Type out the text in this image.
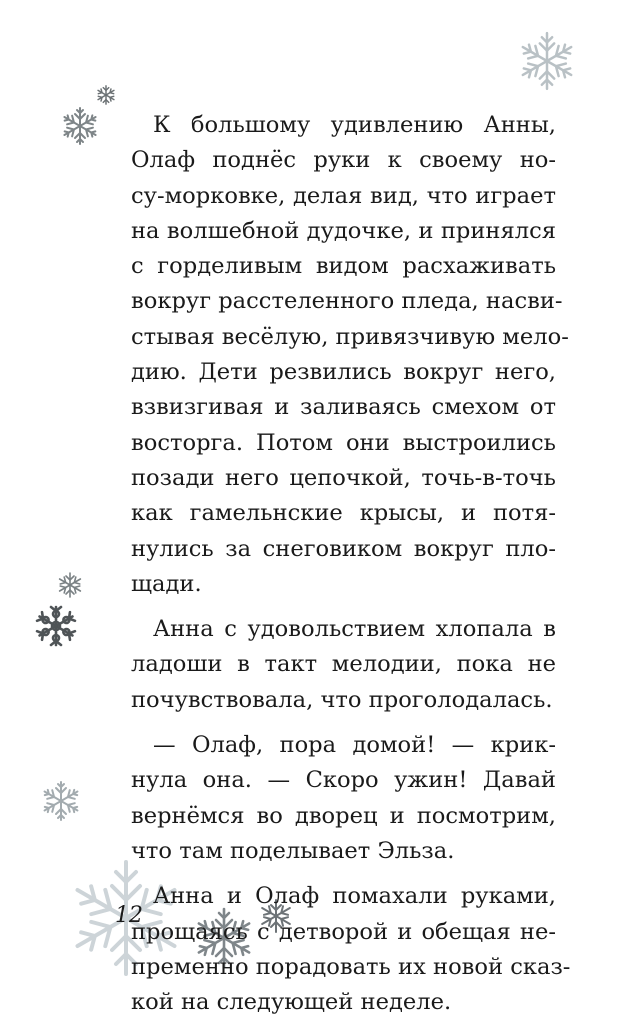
К большому удивлению Анны,
Олаф поднёс руки к своему но-
су-морковке, делая вид, что играет
на волшебной дудочке, и принялся
с горделивым видом расхаживать
вокруг расстеленного пледа, насви-
стывая весёлую, привязчивую мело-
дию. Дети резвились вокруг него,
взвизгивая и заливаясь смехом от
восторга. Потом они выстроились
позади него цепочкой, точь-в-точь
как гамельнские крысы, и потя-
нулись за снеговиком вокруг пло-
щади.

Анна с удовольствием хлопала в
ладоши в такт мелодии, пока не
почувствовала, что проголодалась.

— Олаф, пора домой! — крик-
нула она. — Скоро ужин! Давай
вернёмся во дворец и посмотрим,
что там поделывает Эльза.

Анна и Олаф помахали руками,
прощаясь с детворой и обещая не-
пременно порадовать их новой сказ-
кой на следующей неделе.

12
